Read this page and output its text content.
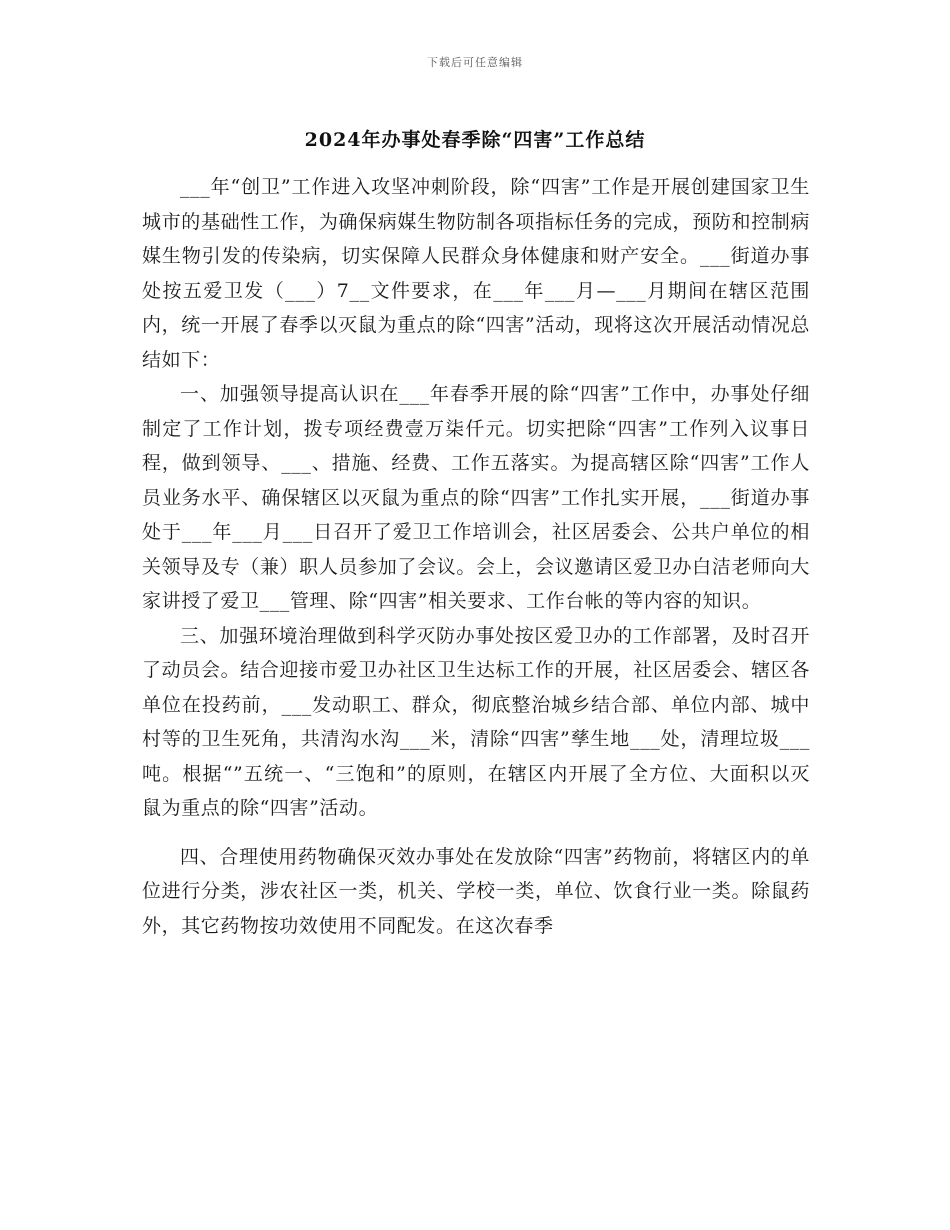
下载后可任意编辑
2024年办事处春季除“四害”工作总结

___年“创卫”工作进入攻坚冲刺阶段，除“四害”工作是开展创建国家卫生城市的基础性工作，为确保病媒生物防制各项指标任务的完成，预防和控制病媒生物引发的传染病，切实保障人民群众身体健康和财产安全。___街道办事处按五爱卫发（___）7__文件要求，在___年___月—___月期间在辖区范围内，统一开展了春季以灭鼠为重点的除“四害”活动，现将这次开展活动情况总结如下：

一、加强领导提高认识在___年春季开展的除“四害”工作中，办事处仔细制定了工作计划，拨专项经费壹万柒仟元。切实把除“四害”工作列入议事日程，做到领导、___、措施、经费、工作五落实。为提高辖区除“四害”工作人员业务水平、确保辖区以灭鼠为重点的除“四害”工作扎实开展，___街道办事处于___年___月___日召开了爱卫工作培训会，社区居委会、公共户单位的相关领导及专（兼）职人员参加了会议。会上，会议邀请区爱卫办白洁老师向大家讲授了爱卫___管理、除“四害”相关要求、工作台帐的等内容的知识。

三、加强环境治理做到科学灭防办事处按区爱卫办的工作部署，及时召开了动员会。结合迎接市爱卫办社区卫生达标工作的开展，社区居委会、辖区各单位在投药前，___发动职工、群众，彻底整治城乡结合部、单位内部、城中村等的卫生死角，共清沟水沟___米，清除“四害”孳生地___处，清理垃圾___吨。根据“”五统一、“三饱和”的原则，在辖区内开展了全方位、大面积以灭鼠为重点的除“四害”活动。

四、合理使用药物确保灭效办事处在发放除“四害”药物前，将辖区内的单位进行分类，涉农社区一类，机关、学校一类，单位、饮食行业一类。除鼠药外，其它药物按功效使用不同配发。在这次春季
